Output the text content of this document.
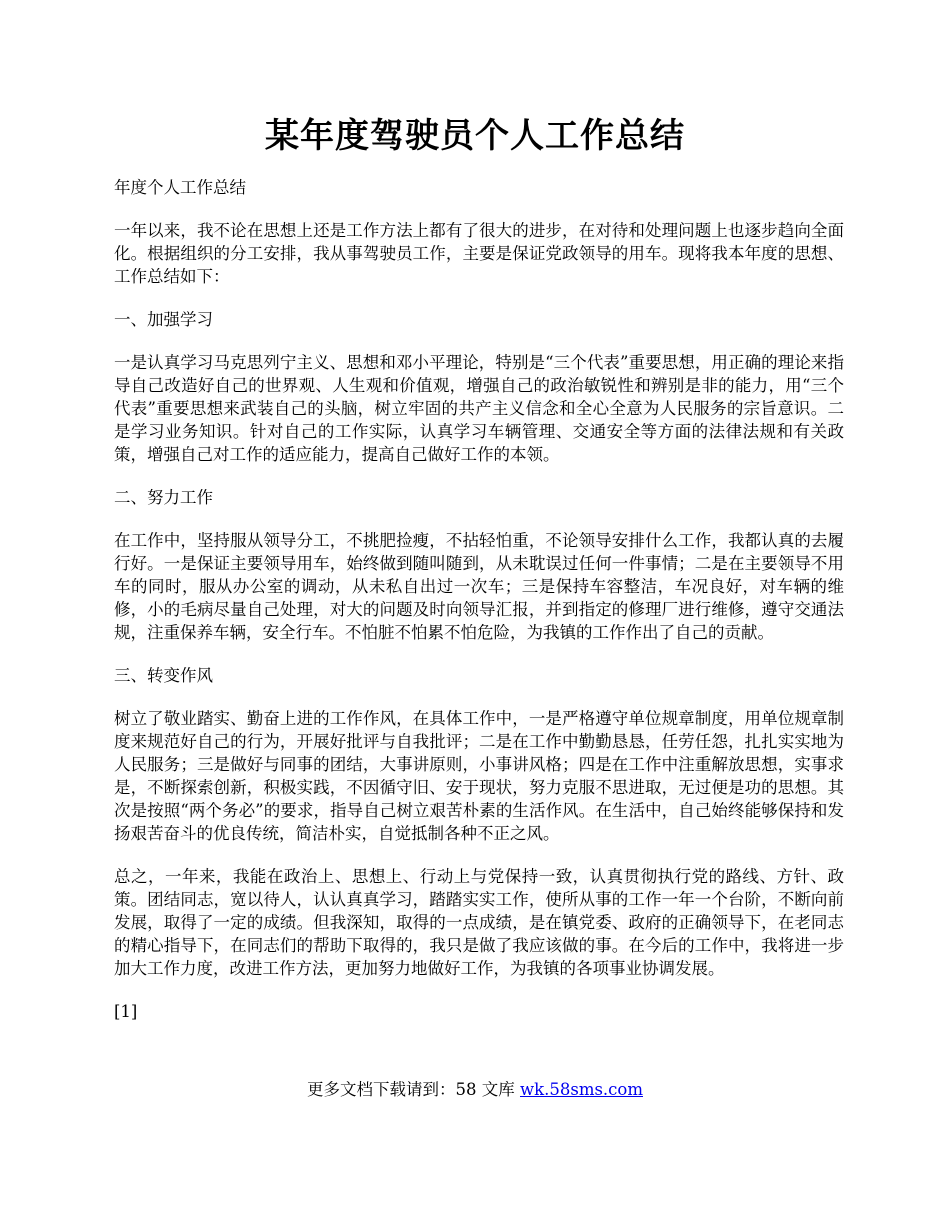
某年度驾驶员个人工作总结

年度个人工作总结

一年以来，我不论在思想上还是工作方法上都有了很大的进步，在对待和处理问题上也逐步趋向全面化。根据组织的分工安排，我从事驾驶员工作，主要是保证党政领导的用车。现将我本年度的思想、工作总结如下：

一、加强学习

一是认真学习马克思列宁主义、思想和邓小平理论，特别是“三个代表”重要思想，用正确的理论来指导自己改造好自己的世界观、人生观和价值观，增强自己的政治敏锐性和辨别是非的能力，用“三个代表”重要思想来武装自己的头脑，树立牢固的共产主义信念和全心全意为人民服务的宗旨意识。二是学习业务知识。针对自己的工作实际，认真学习车辆管理、交通安全等方面的法律法规和有关政策，增强自己对工作的适应能力，提高自己做好工作的本领。

二、努力工作

在工作中，坚持服从领导分工，不挑肥捡瘦，不拈轻怕重，不论领导安排什么工作，我都认真的去履行好。一是保证主要领导用车，始终做到随叫随到，从未耽误过任何一件事情；二是在主要领导不用车的同时，服从办公室的调动，从未私自出过一次车；三是保持车容整洁，车况良好，对车辆的维修，小的毛病尽量自己处理，对大的问题及时向领导汇报，并到指定的修理厂进行维修，遵守交通法规，注重保养车辆，安全行车。不怕脏不怕累不怕危险，为我镇的工作作出了自己的贡献。

三、转变作风

树立了敬业踏实、勤奋上进的工作作风，在具体工作中，一是严格遵守单位规章制度，用单位规章制度来规范好自己的行为，开展好批评与自我批评；二是在工作中勤勤恳恳，任劳任怨，扎扎实实地为人民服务；三是做好与同事的团结，大事讲原则，小事讲风格；四是在工作中注重解放思想，实事求是，不断探索创新，积极实践，不因循守旧、安于现状，努力克服不思进取，无过便是功的思想。其次是按照“两个务必”的要求，指导自己树立艰苦朴素的生活作风。在生活中，自己始终能够保持和发扬艰苦奋斗的优良传统，简洁朴实，自觉抵制各种不正之风。

总之，一年来，我能在政治上、思想上、行动上与党保持一致，认真贯彻执行党的路线、方针、政策。团结同志，宽以待人，认认真真学习，踏踏实实工作，使所从事的工作一年一个台阶，不断向前发展，取得了一定的成绩。但我深知，取得的一点成绩，是在镇党委、政府的正确领导下，在老同志的精心指导下，在同志们的帮助下取得的，我只是做了我应该做的事。在今后的工作中，我将进一步加大工作力度，改进工作方法，更加努力地做好工作，为我镇的各项事业协调发展。

[1]

更多文档下载请到：58 文库 wk.58sms.com
